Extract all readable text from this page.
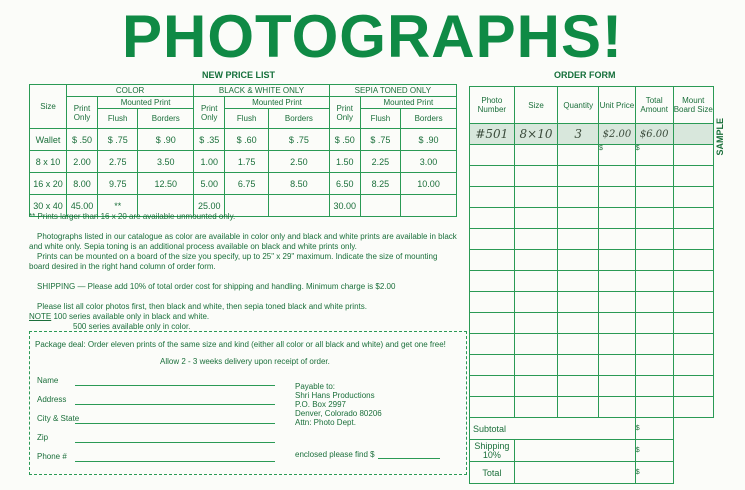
PHOTOGRAPHS!
NEW PRICE LIST
Size	COLOR			BLACK & WHITE ONLY			SEPIA TONED ONLY		
	Print Only	Mounted Print		Print Only	Mounted Print		Print Only	Mounted Print	
		Flush	Borders		Flush	Borders		Flush	Borders
Wallet	$ .50	$ .75	$ .90	$ .35	$ .60	$ .75	$ .50	$ .75	$ .90
8 x 10	2.00	2.75	3.50	1.00	1.75	2.50	1.50	2.25	3.00
16 x 20	8.00	9.75	12.50	5.00	6.75	8.50	6.50	8.25	10.00
30 x 40	45.00	**		25.00			30.00		

** Prints larger than 16 x 20 are available unmounted only.

Photographs listed in our catalogue as color are available in color only and black and white prints are available in black and white only. Sepia toning is an additional process available on black and white prints only.

Prints can be mounted on a board of the size you specify, up to 25" x 29" maximum. Indicate the size of mounting board desired in the right hand column of order form.

SHIPPING — Please add 10% of total order cost for shipping and handling. Minimum charge is $2.00

Please list all color photos first, then black and white, then sepia toned black and white prints.

NOTE 100 series available only in black and white.

500 series available only in color.

Package deal: Order eleven prints of the same size and kind (either all color or all black and white) and get one free!
Allow 2 - 3 weeks delivery upon receipt of order.
Name
Address
City & State
Zip
Phone #
Payable to:
Shri Hans Productions
P.O. Box 2997
Denver, Colorado 80206
Attn: Photo Dept.
enclosed please find $
ORDER FORM
Photo Number	Size	Quantity	Unit Price	Total Amount	Mount Board Size
#501	8×10	3	$2.00	$6.00	
			$	$	

Subtotal				$	
Shipping 10%				$	
Total				$	
SAMPLE
